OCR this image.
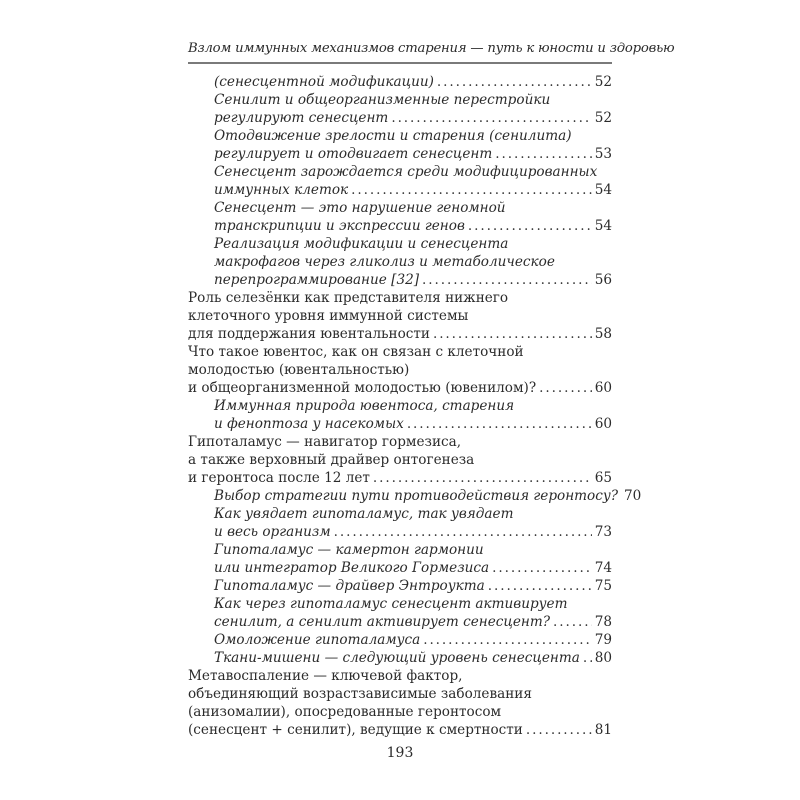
Взлом иммунных механизмов старения — путь к юности и здоровью
(сенесцентной модификации) . . .	52
Сенилит и общеорганизменные перестройки
регулируют сенесцент . . .	52
Отодвижение зрелости и старения (сенилита)
регулирует и отодвигает сенесцент . . .	53
Сенесцент зарождается среди модифицированных
иммунных клеток . . .	54
Сенесцент — это нарушение геномной
транскрипции и экспрессии генов . . .	54
Реализация модификации и сенесцента
макрофагов через гликолиз и метаболическое
перепрограммирование [32] . . .	56
Роль селезёнки как представителя нижнего
клеточного уровня иммунной системы
для поддержания ювентальности . . .	58
Что такое ювентос, как он связан с клеточной
молодостью (ювентальностью)
и общеорганизменной молодостью (ювенилом)? . . .	60
Иммунная природа ювентоса, старения
и феноптоза у насекомых . . .	60
Гипоталамус — навигатор гормезиса,
а также верховный драйвер онтогенеза
и геронтоса после 12 лет . . .	65
Выбор стратегии пути противодействия геронтосу? 70
Как увядает гипоталамус, так увядает
и весь организм . . .	73
Гипоталамус — камертон гармонии
или интегратор Великого Гормезиса . . .	74
Гипоталамус — драйвер Энтроукта . . .	75
Как через гипоталамус сенесцент активирует
сенилит, а сенилит активирует сенесцент? . . .	78
Омоложение гипоталамуса . . .	79
Ткани-мишени — следующий уровень сенесцента . . . 80
Метавоспаление — ключевой фактор,
объединяющий возрастзависимые заболевания
(анизомалии), опосредованные геронтосом
(сенесцент + сенилит), ведущие к смертности . . .	81
193
